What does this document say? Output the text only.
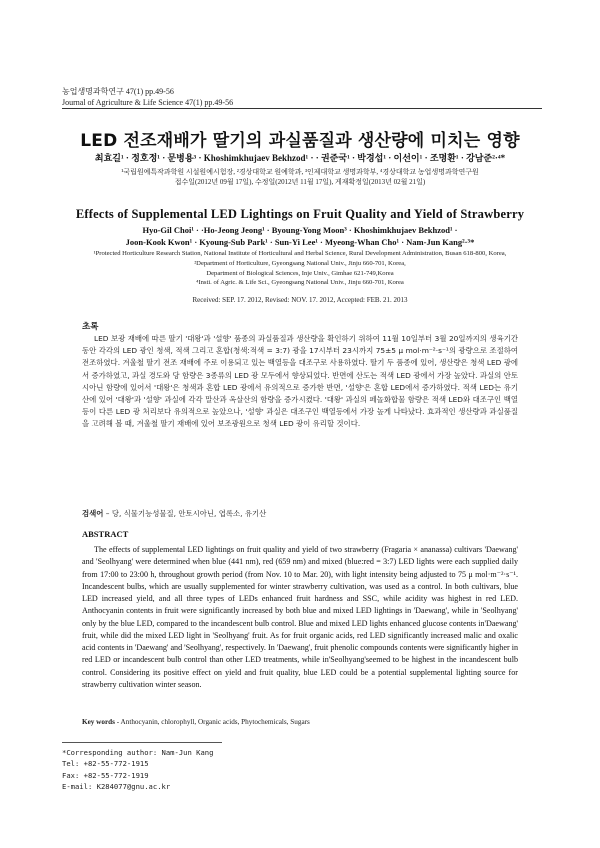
농업생명과학연구 47(1) pp.49-56
Journal of Agriculture & Life Science 47(1) pp.49-56
LED 전조재배가 딸기의 과실품질과 생산량에 미치는 영향
최효길¹ · 정호정¹ · 문병용³ · Khoshimkhujaev Bekhzod¹ · · 권준국¹ · 박경섭¹ · 이선이¹ · 조명환¹ · 강남준²·⁴*
¹국립원예특작과학원 시설원예시험장, ²경상대학교 원예학과, ³인제대학교 생명과학부, ⁴경상대학교 농업생명과학연구원
접수일(2012년 09월 17일), 수정일(2012년 11월 17일), 게재확정일(2013년 02월 21일)
Effects of Supplemental LED Lightings on Fruit Quality and Yield of Strawberry
Hyo-Gil Choi¹ · ·Ho-Jeong Jeong¹ · Byoung-Yong Moon³ · Khoshimkhujaev Bekhzod¹ ·
Joon-Kook Kwon¹ · Kyoung-Sub Park¹ · Sun-Yi Lee¹ · Myeong-Whan Cho¹ · Nam-Jun Kang²·³*
¹Protected Horticulture Research Station, National Institute of Horticultural and Herbal Science, Rural Development Administration, Busan 618-800, Korea,
²Department of Horticulture, Gyeongsang National Univ., Jinju 660-701, Korea,
Department of Biological Sciences, Inje Univ., Gimhae 621-749,Korea
⁴Insti. of Agric. & Life Sci., Gyeongsang National Univ., Jinju 660-701, Korea
Received: SEP. 17. 2012, Revised: NOV. 17. 2012, Accepted: FEB. 21. 2013
초록

LED 보광 재배에 따른 딸기 '대왕'과 '설향' 품종의 과실품질과 생산량을 확인하기 위하여 11월 10일부터 3월 20일까지의 생육기간 동안 각각의 LED 광인 청색, 적색 그리고 혼합(청색:적색 = 3:7) 광을 17시부터 23시까지 75±5 μ mol·m⁻²·s⁻¹의 광량으로 조절하여 전조하였다. 겨울철 딸기 전조 재배에 주로 이용되고 있는 백열등을 대조구로 사용하였다. 딸기 두 품종에 있어, 생산량은 청색 LED 광에서 증가하였고, 과실 경도와 당 함량은 3종류의 LED 광 모두에서 향상되었다. 반면에 산도는 적색 LED 광에서 가장 높았다. 과실의 안토시아닌 함량에 있어서 '대왕'은 청색과 혼합 LED 광에서 유의적으로 증가한 반면, '설향'은 혼합 LED에서 증가하였다. 적색 LED는 유기산에 있어 '대왕'과 '설향' 과실에 각각 말산과 옥살산의 함량을 증가시켰다. '대왕' 과실의 페놀화합물 함량은 적색 LED와 대조구인 백열등이 다른 LED 광 처리보다 유의적으로 높았으나, '설향' 과실은 대조구인 백열등에서 가장 높게 나타났다. 효과적인 생산량과 과실품질을 고려해 볼 때, 겨울철 딸기 재배에 있어 보조광원으로 청색 LED 광이 유리할 것이다.

검색어 – 당, 식물기능성물질, 안토시아닌, 엽록소, 유기산
ABSTRACT

The effects of supplemental LED lightings on fruit quality and yield of two strawberry (Fragaria × ananassa) cultivars 'Daewang' and 'Seolhyang' were determined when blue (441 nm), red (659 nm) and mixed (blue:red = 3:7) LED lights were each supplied daily from 17:00 to 23:00 h, throughout growth period (from Nov. 10 to Mar. 20), with light intensity being adjusted to 75 μ mol·m⁻²·s⁻¹. Incandescent bulbs, which are usually supplemented for winter strawberry cultivation, was used as a control. In both cultivars, blue LED increased yield, and all three types of LEDs enhanced fruit hardness and SSC, while acidity was highest in red LED. Anthocyanin contents in fruit were significantly increased by both blue and mixed LED lightings in 'Daewang', while in 'Seolhyang' only by the blue LED, compared to the incandescent bulb control. Blue and mixed LED lights enhanced glucose contents in'Daewang' fruit, while did the mixed LED light in 'Seolhyang' fruit. As for fruit organic acids, red LED significantly increased malic and oxalic acid contents in 'Daewang' and 'Seolhyang', respectively. In 'Daewang', fruit phenolic compounds contents were significantly higher in red LED or incandescent bulb control than other LED treatments, while in'Seolhyang'seemed to be highest in the incandescent bulb control. Considering its positive effect on yield and fruit quality, blue LED could be a potential supplemental lighting source for strawberry cultivation winter season.

Key words - Anthocyanin, chlorophyll, Organic acids, Phytochemicals, Sugars
*Corresponding author: Nam-Jun Kang
Tel: +82-55-772-1915
Fax: +82-55-772-1919
E-mail: K284077@gnu.ac.kr
